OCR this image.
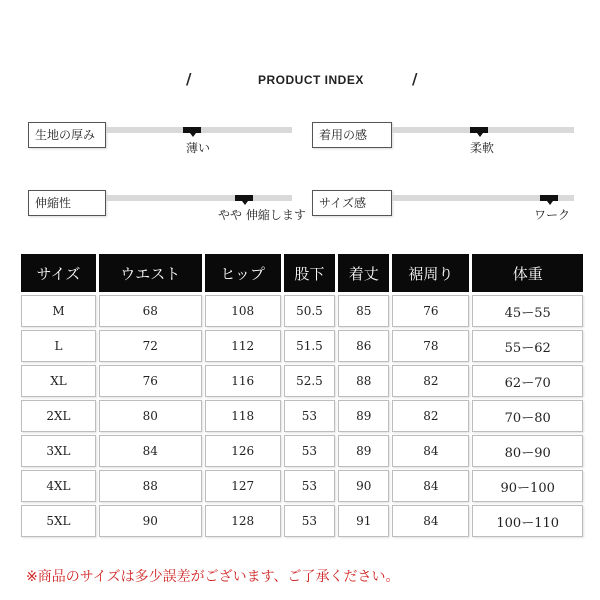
/	PRODUCT INDEX	/
生地の厚み
薄い
着用の感
柔軟
伸縮性
やや 伸縮します
サイズ感
ワーク
サイズ	ウエスト	ヒップ	股下	着丈	裾周り	体重
M	68	108	50.5	85	76	45ー55
L	72	112	51.5	86	78	55ー62
XL	76	116	52.5	88	82	62ー70
2XL	80	118	53	89	82	70ー80
3XL	84	126	53	89	84	80ー90
4XL	88	127	53	90	84	90ー100
5XL	90	128	53	91	84	100ー110
※商品のサイズは多少誤差がございます、ご了承ください。
